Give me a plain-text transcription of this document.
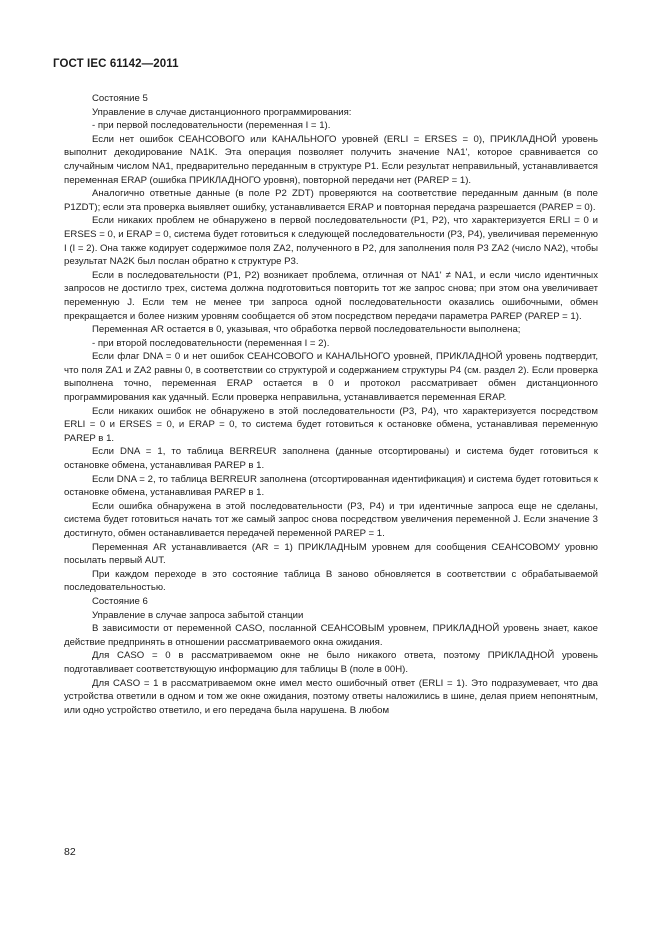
ГОСТ IEC 61142—2011

Состояние 5

Управление в случае дистанционного программирования:

- при первой последовательности (переменная I = 1).

Если нет ошибок СЕАНСОВОГО или КАНАЛЬНОГО уровней (ERLI = ERSES = 0), ПРИКЛАДНОЙ уровень выполнит декодирование NA1K. Эта операция позволяет получить значение NA1', которое сравнивается со случайным числом NA1, предварительно переданным в структуре P1. Если результат неправильный, устанавливается переменная ERAP (ошибка ПРИКЛАДНОГО уровня), повторной передачи нет (PAREP = 1).

Аналогично ответные данные (в поле P2 ZDT) проверяются на соответствие переданным данным (в поле P1ZDT); если эта проверка выявляет ошибку, устанавливается ERAP и повторная передача разрешается (PAREP = 0).

Если никаких проблем не обнаружено в первой последовательности (P1, P2), что характеризуется ERLI = 0 и ERSES = 0, и ERAP = 0, система будет готовиться к следующей последовательности (P3, P4), увеличивая переменную I (I = 2). Она также кодирует содержимое поля ZA2, полученного в P2, для заполнения поля P3 ZA2 (число NA2), чтобы результат NA2K был послан обратно к структуре P3.

Если в последовательности (P1, P2) возникает проблема, отличная от NA1' ≠ NA1, и если число идентичных запросов не достигло трех, система должна подготовиться повторить тот же запрос снова; при этом она увеличивает переменную J. Если тем не менее три запроса одной последовательности оказались ошибочными, обмен прекращается и более низким уровням сообщается об этом посредством передачи параметра PAREP (PAREP = 1).

Переменная AR остается в 0, указывая, что обработка первой последовательности выполнена;

- при второй последовательности (переменная I = 2).

Если флаг DNA = 0 и нет ошибок СЕАНСОВОГО и КАНАЛЬНОГО уровней, ПРИКЛАДНОЙ уровень подтвердит, что поля ZA1 и ZA2 равны 0, в соответствии со структурой и содержанием структуры P4 (см. раздел 2). Если проверка выполнена точно, переменная ERAP остается в 0 и протокол рассматривает обмен дистанционного программирования как удачный. Если проверка неправильна, устанавливается переменная ERAP.

Если никаких ошибок не обнаружено в этой последовательности (P3, P4), что характеризуется посредством ERLI = 0 и ERSES = 0, и ERAP = 0, то система будет готовиться к остановке обмена, устанавливая переменную PAREP в 1.

Если DNA = 1, то таблица BERREUR заполнена (данные отсортированы) и система будет готовиться к остановке обмена, устанавливая PAREP в 1.

Если DNA = 2, то таблица BERREUR заполнена (отсортированная идентификация) и система будет готовиться к остановке обмена, устанавливая PAREP в 1.

Если ошибка обнаружена в этой последовательности (P3, P4) и три идентичные запроса еще не сделаны, система будет готовиться начать тот же самый запрос снова посредством увеличения переменной J. Если значение 3 достигнуто, обмен останавливается передачей переменной PAREP = 1.

Переменная AR устанавливается (AR = 1) ПРИКЛАДНЫМ уровнем для сообщения СЕАНСОВОМУ уровню посылать первый AUT.

При каждом переходе в это состояние таблица B заново обновляется в соответствии с обрабатываемой последовательностью.

Состояние 6

Управление в случае запроса забытой станции

В зависимости от переменной CASO, посланной СЕАНСОВЫМ уровнем, ПРИКЛАДНОЙ уровень знает, какое действие предпринять в отношении рассматриваемого окна ожидания.

Для CASO = 0 в рассматриваемом окне не было никакого ответа, поэтому ПРИКЛАДНОЙ уровень подготавливает соответствующую информацию для таблицы B (поле в 00H).

Для CASO = 1 в рассматриваемом окне имел место ошибочный ответ (ERLI = 1). Это подразумевает, что два устройства ответили в одном и том же окне ожидания, поэтому ответы наложились в шине, делая прием непонятным, или одно устройство ответило, и его передача была нарушена. В любом

82
